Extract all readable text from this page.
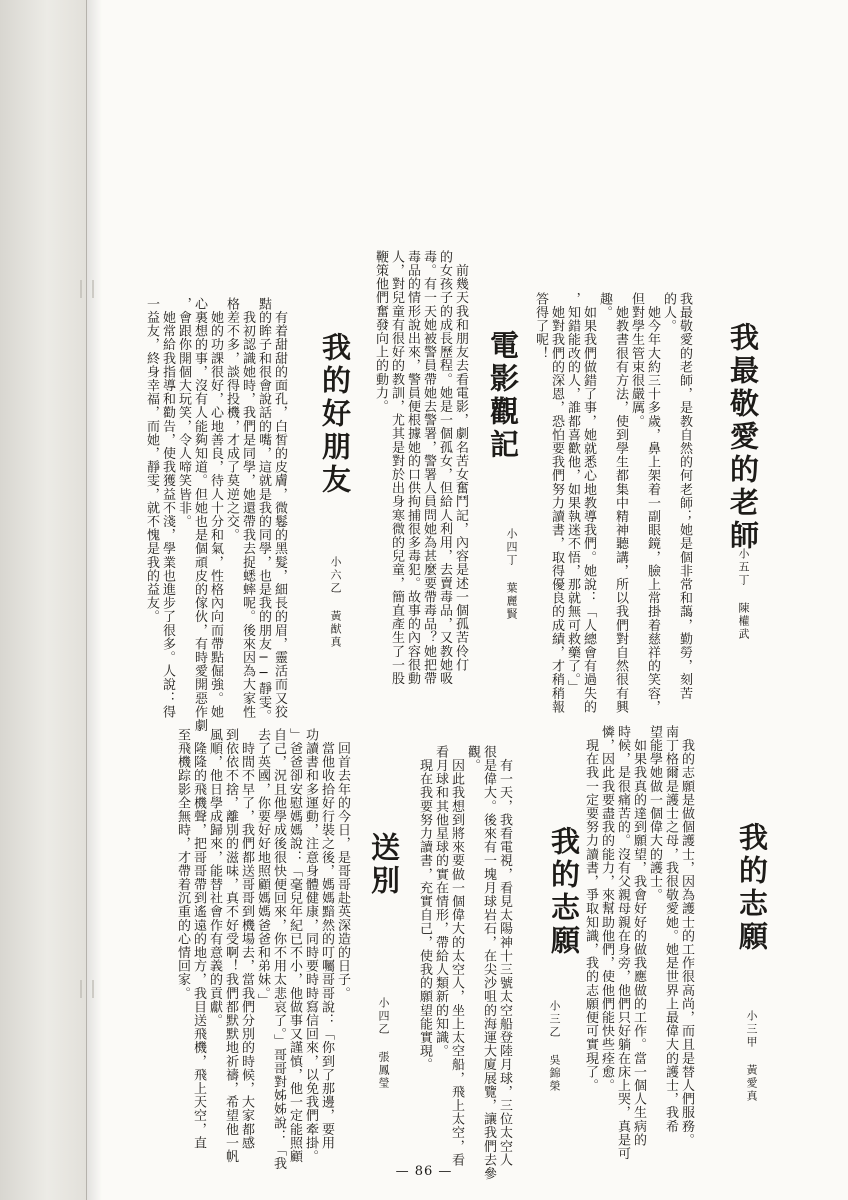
我最敬愛的老師
小五丁 陳權武
我最敬愛的老師，是教自然的何老師；她是個非常和藹，勤勞，刻苦
的人。
　她今年大約三十多歲，鼻上架着一副眼鏡，臉上常掛着慈祥的笑容，
但對學生管束很嚴厲。
　她教書很有方法，使到學生都集中精神聽講，所以我們對自然很有興
趣。
　如果我們做錯了事，她就悉心地教導我們。她說：「人總會有過失的
，知錯能改的人，誰都喜歡他，如果執迷不悟，那就無可救藥了。」
　她對我們的深恩，恐怕要我們努力讀書，取得優良的成績，才稍稍報
答得了呢！
電影觀記
小四丁 葉麗賢
　前幾天我和朋友去看電影，劇名苦女奮鬥記，內容是述一個孤苦伶仃
的女孩子的成長歷程。她是一個孤女，但給人利用，去賣毒品，又教她吸
毒。有一天她被警員帶她去警署，警署人員問她為甚麼要帶毒品？她把帶
毒品的情形說出來，警員便根據她的口供拘捕很多毒犯。故事的內容很動
人，對兒童有很好的教訓，尤其是對於出身寒微的兒童，簡直產生了一股
鞭策他們奮發向上的動力。
我的好朋友
小六乙 黃猷真
　有着甜甜的面孔，白皙的皮膚，微鬈的黑髮，細長的眉，靈活而又狡
黠的眸子和很會說話的嘴，這就是我的同學，也是我的朋友──靜雯。
　我初認識她時，我們是同學，她還帶我去捉蟋蟀呢。後來因為大家性
格差不多，談得投機，才成了莫逆之交。
　她的功課很好，心地善良，待人十分和氣，性格內向而帶點倔強。她
心裏想的事，沒有人能夠知道。但她也是個頑皮的傢伙，有時愛開惡作劇
，會跟你開個大玩笑，令人啼笑皆非。
　她常給我指導和勸告，使我獲益不淺，學業也進步了很多。人說：得
一益友，終身幸福，而她，靜雯，就不愧是我的益友。
我的志願
小三甲 黃愛真
　我的志願是做個護士，因為護士的工作很高尚，而且是替人們服務。
南丁格爾是護士之母，我很敬愛她。她是世界上最偉大的護士，我希
望能學她做一個偉大的護士。
　如果我真的達到願望，我會好好的做我應做的工作。當一個人生病的
時候，是很痛苦的。沒有父親母親在身旁，他們只好躺在床上哭，真是可
憐，因此我要盡我的能力，來幫助他們，使他們能快些痊愈。
　現在我一定要努力讀書，爭取知識，我的志願便可實現了。
我的志願
小三乙 吳錦榮
　有一天，我看電視，看見太陽神十三號太空船登陸月球，三位太空人
很是偉大。後來有一塊月球岩石，在尖沙咀的海運大廈展覽，讓我們去參
觀。
　因此我想到將來要做一個偉大的太空人，坐上太空船，飛上太空，看
看月球和其他星球的實在情形，帶給人類新的知識。
　現在我要努力讀書，充實自己，使我的願望能實現。
送別
小四乙 張鳳瑩
　回首去年的今日，是哥哥赴英深造的日子。
　當他收拾好行裝之後，媽媽黯然的叮囑哥哥說：「你到了那邊，要用
功讀書和多運動，注意身體健康，同時要時時寫信回來，以免我們牽掛。
」爸爸卻安慰媽媽說：「毫兒年紀已不小，他做事又謹慎，他一定能照顧
自己，況且他學成後很快便回來，你不用太悲哀了。」哥哥對姊姊說：「我
去了英國，你要好好地照顧媽媽爸爸和弟妹。」
　時間不早了，我們都送哥哥到機場去，當我們分別的時候，大家都感
到依依不捨，離別的滋味，真不好受啊！我們都默默地祈禱，希望他一帆
風順，他日學成歸來，能替社會作有意義的貢獻。
　隆隆的飛機聲，把哥哥帶到遙遠的地方，我目送飛機，飛上天空，直
至飛機踪影全無時，才帶着沉重的心情回家。
— 86 —
